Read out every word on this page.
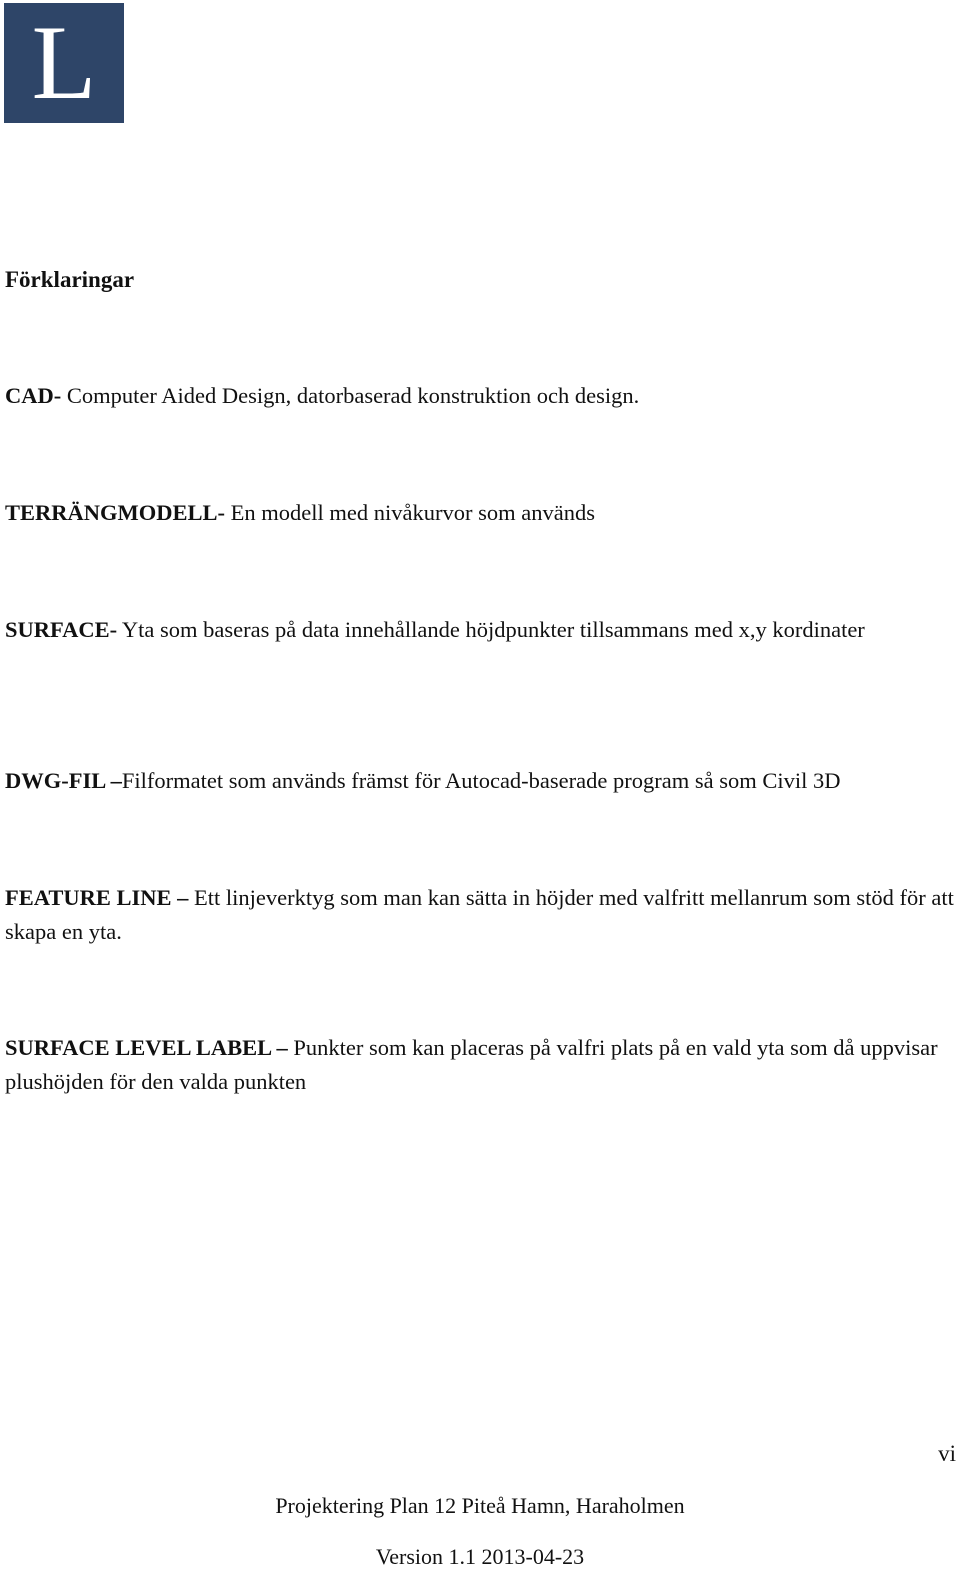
L
Förklaringar

CAD- Computer Aided Design, datorbaserad konstruktion och design.

TERRÄNGMODELL- En modell med nivåkurvor som används

SURFACE- Yta som baseras på data innehållande höjdpunkter tillsammans med x,y kordinater

DWG-FIL –Filformatet som används främst för Autocad-baserade program så som Civil 3D

FEATURE LINE – Ett linjeverktyg som man kan sätta in höjder med valfritt mellanrum som stöd för att skapa en yta.

SURFACE LEVEL LABEL – Punkter som kan placeras på valfri plats på en vald yta som då uppvisar plushöjden för den valda punkten

vi
Projektering Plan 12 Piteå Hamn, Haraholmen
Version 1.1 2013-04-23
